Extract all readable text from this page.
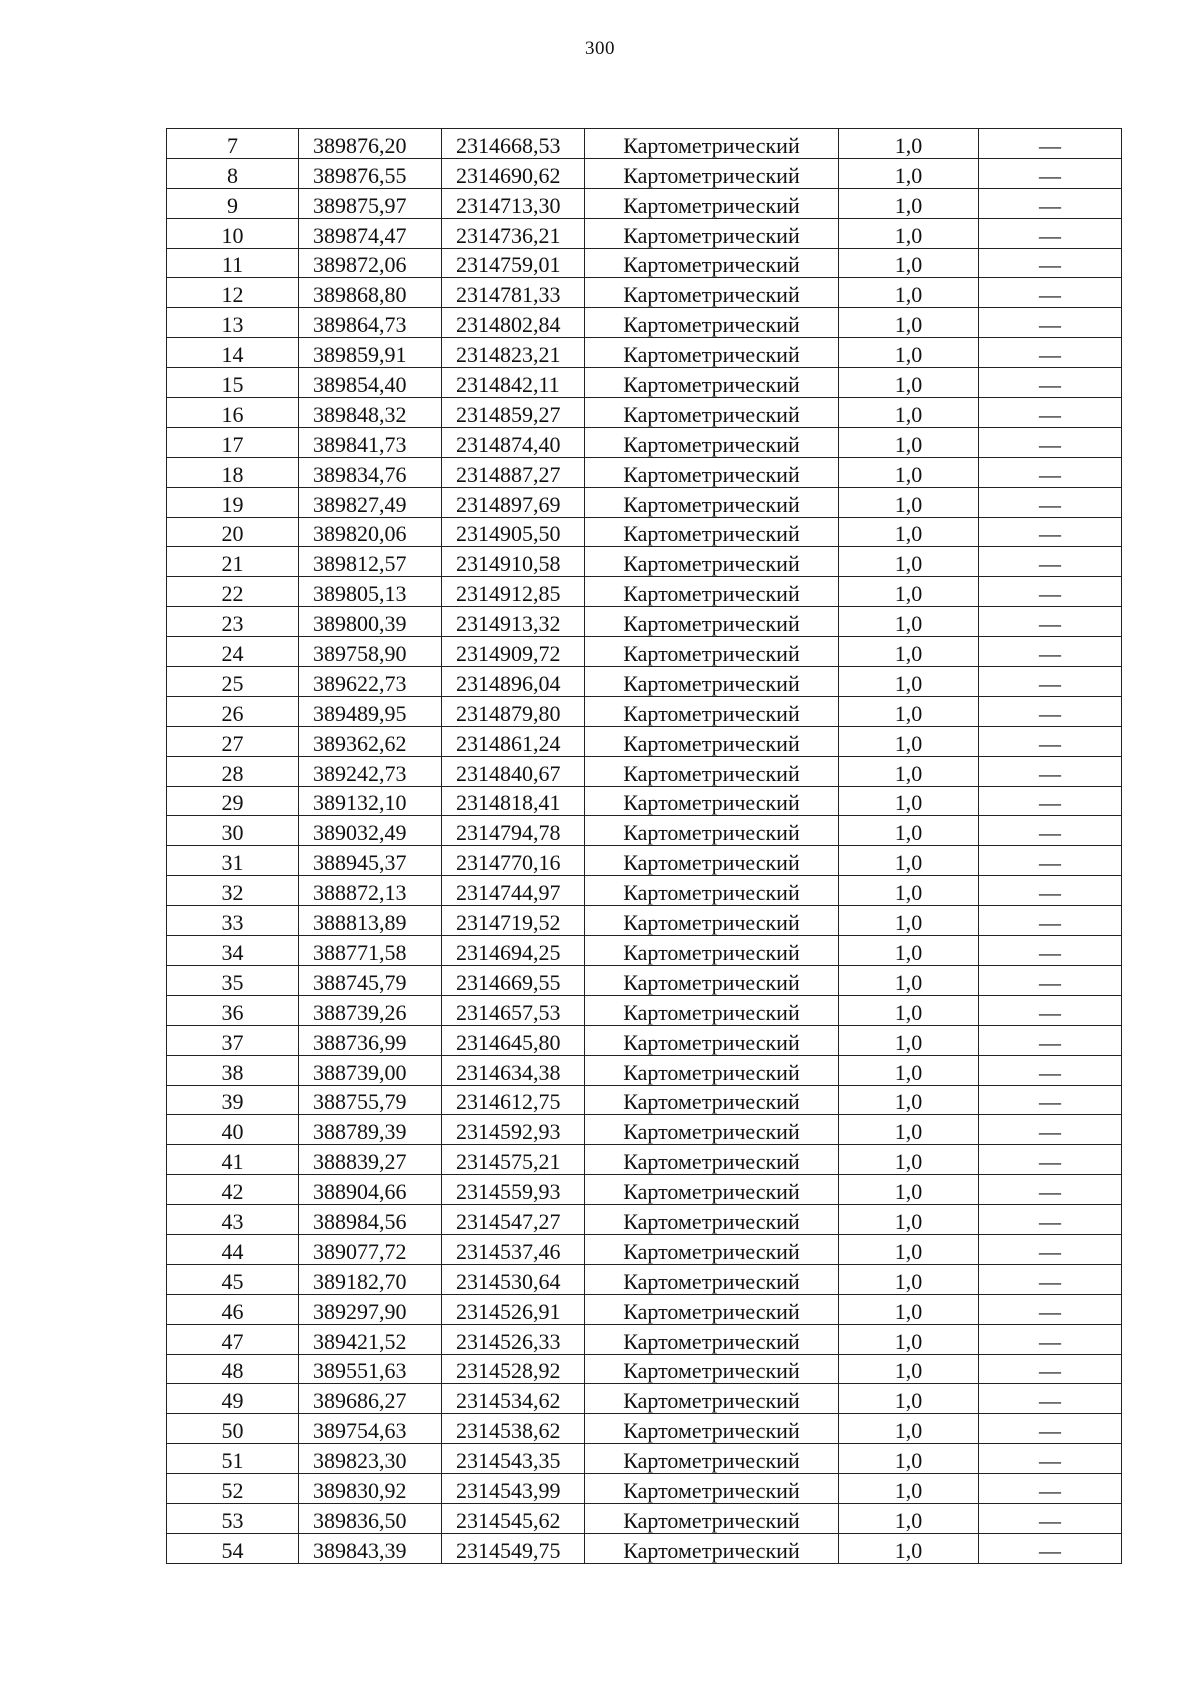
300
7	389876,20	2314668,53	Картометрический	1,0	—
8	389876,55	2314690,62	Картометрический	1,0	—
9	389875,97	2314713,30	Картометрический	1,0	—
10	389874,47	2314736,21	Картометрический	1,0	—
11	389872,06	2314759,01	Картометрический	1,0	—
12	389868,80	2314781,33	Картометрический	1,0	—
13	389864,73	2314802,84	Картометрический	1,0	—
14	389859,91	2314823,21	Картометрический	1,0	—
15	389854,40	2314842,11	Картометрический	1,0	—
16	389848,32	2314859,27	Картометрический	1,0	—
17	389841,73	2314874,40	Картометрический	1,0	—
18	389834,76	2314887,27	Картометрический	1,0	—
19	389827,49	2314897,69	Картометрический	1,0	—
20	389820,06	2314905,50	Картометрический	1,0	—
21	389812,57	2314910,58	Картометрический	1,0	—
22	389805,13	2314912,85	Картометрический	1,0	—
23	389800,39	2314913,32	Картометрический	1,0	—
24	389758,90	2314909,72	Картометрический	1,0	—
25	389622,73	2314896,04	Картометрический	1,0	—
26	389489,95	2314879,80	Картометрический	1,0	—
27	389362,62	2314861,24	Картометрический	1,0	—
28	389242,73	2314840,67	Картометрический	1,0	—
29	389132,10	2314818,41	Картометрический	1,0	—
30	389032,49	2314794,78	Картометрический	1,0	—
31	388945,37	2314770,16	Картометрический	1,0	—
32	388872,13	2314744,97	Картометрический	1,0	—
33	388813,89	2314719,52	Картометрический	1,0	—
34	388771,58	2314694,25	Картометрический	1,0	—
35	388745,79	2314669,55	Картометрический	1,0	—
36	388739,26	2314657,53	Картометрический	1,0	—
37	388736,99	2314645,80	Картометрический	1,0	—
38	388739,00	2314634,38	Картометрический	1,0	—
39	388755,79	2314612,75	Картометрический	1,0	—
40	388789,39	2314592,93	Картометрический	1,0	—
41	388839,27	2314575,21	Картометрический	1,0	—
42	388904,66	2314559,93	Картометрический	1,0	—
43	388984,56	2314547,27	Картометрический	1,0	—
44	389077,72	2314537,46	Картометрический	1,0	—
45	389182,70	2314530,64	Картометрический	1,0	—
46	389297,90	2314526,91	Картометрический	1,0	—
47	389421,52	2314526,33	Картометрический	1,0	—
48	389551,63	2314528,92	Картометрический	1,0	—
49	389686,27	2314534,62	Картометрический	1,0	—
50	389754,63	2314538,62	Картометрический	1,0	—
51	389823,30	2314543,35	Картометрический	1,0	—
52	389830,92	2314543,99	Картометрический	1,0	—
53	389836,50	2314545,62	Картометрический	1,0	—
54	389843,39	2314549,75	Картометрический	1,0	—
